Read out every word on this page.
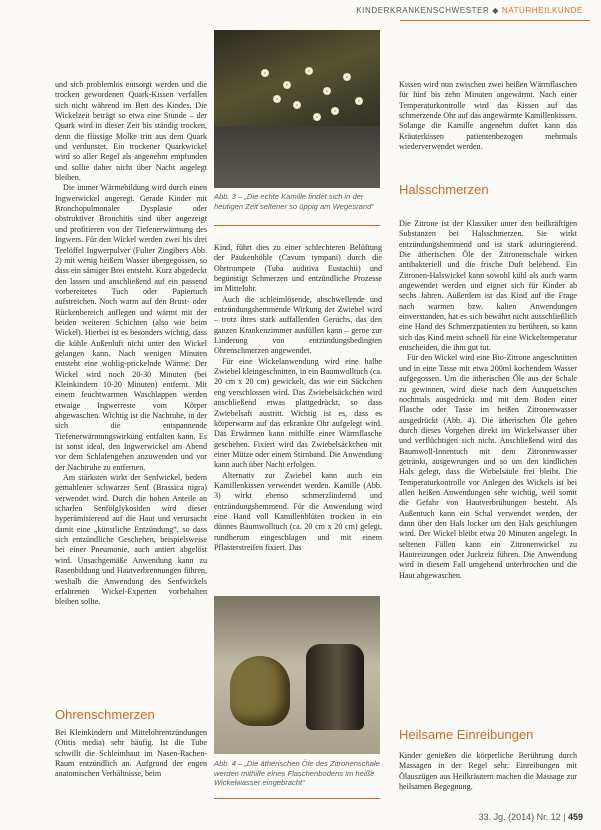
KINDERKRANKENSCHWESTER ◆ NATURHEILKUNDE

und sich problemlos entsorgt werden und die trocken gewordenen Quark-Kissen verfallen sich nicht während im Bett des Kindes. Die Wickelzeit beträgt so etwa eine Stunde – der Quark wird in dieser Zeit bis ständig trocken, denn die flüssige Molke tritt aus dem Quark und verdunstet. Ein trockener Quarkwickel wird so aller Regel als angenehm empfunden und sollte daher nicht über Nacht angelegt bleiben.

Die immer Wärmebildung wird durch einen Ingwerwickel angeregt. Gerade Kinder mit Bronchopulmonaler Dysplasie oder obstruktiver Bronchitis sind über angezeigt und profitieren von der Tiefenerwärmung des Ingwers. Für den Wickel werden zwei bis drei Teelöffel Ingwerpulver (Fulter Zingibers Abb. 2) mit wenig heißem Wasser übergegossen, so dass ein sämiger Brei entsteht. Kurz abgedeckt den lassen und anschließend auf ein passend vorbereitetes Tuch oder Papiertuch aufstreichen. Noch warm auf den Brust- oder Rückenbereich auflegen und wärmt mit der beiden weiteren Schichten (also wie beim Wickel). Hierbei ist es besonders wichtig, dass die kühle Außenluft nicht unter den Wickel gelangen kann. Nach wenigen Minuten entsteht eine wohlig-prickelnde Wärme. Der Wickel wird noch 20-30 Minuten (bei Kleinkindern 10-20 Minuten) entfernt. Mit einem feuchtwarmen Waschlappen werden etwaige Ingwerreste vom Körper abgewaschen. Wichtig ist die Nachruhe, in der sich die entspannende Tiefenerwärmungswirkung entfalten kann. Es ist sonst ideal, den Ingwerwickel am Abend vor dem Schlafengehen anzuwenden und vor der Nachtruhe zu entfernen.

Am stärksten wirkt der Senfwickel, bedem gemahlener schwarzer Senf (Brassica nigra) verwendet wird. Durch die hohen Anteile an scharfen Senfölglykosiden wird dieser hyperämisierend auf die Haut und verursacht damit eine „künstliche Entzündung“, so dass sich entzündliche Geschehen, beispielsweise bei einer Pneumonie, auch antiert abgelöst wird. Unsachgemäße Anwendung kann zu Rasenbildung und Hautverbrennungen führen, weshalb die Anwendung des Senfwickels erfahrenen Wickel-Experten vorbehalten bleiben sollte.

Ohrenschmerzen

Bei Kleinkindern und Mittelohrentzündungen (Otitis media) sehr häufig. Ist die Tube schwillt die Schleimhaut im Nasen-Rachen-Raum entzündlich an. Aufgrund der engen anatomischen Verhältnisse, beim

Abb. 3 – „Die echte Kamille findet sich in der heutigen Zeit seltener so üppig am Wegesrand“

Kind, führt dies zu einer schlechteren Belüftung der Paukenhöhle (Cavum tympani) durch die Ohrtrompete (Tuba auditiva Eustachii) und begünstigt Schmerzen und entzündliche Prozesse im Mittelohr.

Auch die schleimlösende, abschwellende und entzündungshemmende Wirkung der Zwiebel wird – trotz ihres stark auffallenden Geruchs, das den ganzen Krankenzimmer ausfüllen kann – gerne zur Linderung von entzündungsbedingten Ohrenschmerzen angewendet.

Für eine Wickelanwendung wird eine halbe Zwiebel kleingeschnitten, in ein Baumwolltuch (ca. 20 cm x 20 cm) gewickelt, das wie ein Säckchen eng verschlossen wird. Das Zwiebelsäckchen wird anschließend etwas plattgedrückt, so dass Zwiebelsaft austritt. Wichtig ist es, dass es körperwarm auf das erkrankte Ohr aufgelegt wird. Das Erwärmen kann mithilfe einer Wärmflasche geschehen. Fixiert wird das Zwiebelsäckchen mit einer Mütze oder einem Stirnband. Die Anwendung kann auch über Nacht erfolgen.

Alternativ zur Zwiebel kann auch ein Kamillenkissen verwendet werden. Kamille (Abb. 3) wirkt ebenso schmerzlindernd und entzündungshemmend. Für die Anwendung wird eine Hand voll Kamillenblüten trocken in ein dünnes Baumwolltuch (ca. 20 cm x 20 cm) gelegt, rundherum eingeschlagen und mit einem Pflasterstreifen fixiert. Das

Abb. 4 – „Die ätherischen Öle des Zitronenschale werden mithilfe eines Flaschenbodens im heiße Wickelwasser eingebracht“

Kissen wird nun zwischen zwei heißen Wärmflaschen für fünf bis zehn Minuten angewärmt. Nach einer Temperaturkontrolle wird das Kissen auf das schmerzende Ohr auf das angewärmte Kamillenkissen. Solange die Kamille angenehm duftet kann das Kräuterkissen patientenbezogen mehrmals wiederverwendet werden.

Halsschmerzen

Die Zitrone ist der Klassiker unter den heilkräftigen Substanzen bei Halsschmerzen. Sie wirkt entzündungshemmend und ist stark adstringierend. Die ätherischen Öle der Zitronenschale wirken antibakteriell und die frische Duft belebend. Ein Zitronen-Halswickel kann sowohl kühl als auch warm angewendet werden und eignet sich für Kinder ab sechs Jahren. Außerdem ist das Kind auf die Frage nach warmen bzw. kalten Anwendungen einverstanden, hat es sich bewährt nicht ausschließlich eine Hand des Schmerzpatienten zu berühren, so kann sich das Kind meist schnell für eine Wickeltemperatur entscheiden, die ihm gut tut.

Für den Wickel wird eine Bio-Zitrone angeschnitten und in eine Tasse mit etwa 200ml kochendem Wasser aufgegossen. Um die ätherischen Öle aus der Schale zu gewinnen, wird diese nach dem Ausquetschen nochmals ausgedrückt und mit dem Boden einer Flasche oder Tasse im heißen Zitronenwasser ausgedrückt (Abb. 4). Die ätherischen Öle gehen durch dieses Vorgehen direkt ins Wickelwasser über und verflüchtigen sich nicht. Anschließend wird das Baumwoll-Innentuch mit dem Zitronenwasser getränkt, ausgewrungen und so um den kindlichen Hals gelegt, dass die Wirbelsäule frei bleibt. Die Temperaturkontrolle vor Anlegen des Wickels ist bei allen heißen Anwendungen sehr wichtig, weil somit die Gefahr von Hautverbrühungen besteht. Als Außentuch kann ein Schal verwendet werden, der dann über den Hals locker um den Hals geschlungen wird. Der Wickel bleibt etwa 20 Minuten angelegt. In seltenen Fällen kann ein Zitronenwickel zu Hautreizungen oder Juckreiz führen. Die Anwendung wird in diesem Fall umgehend unterbrochen und die Haut abgewaschen.

Heilsame Einreibungen

Kinder genießen die körperliche Berührung durch Massagen in der Regel sehr. Einreibungen mit Ölauszügen aus Heilkräutern machen die Massage zur heilsamen Begegnung.

33. Jg. (2014) Nr. 12 | 459
